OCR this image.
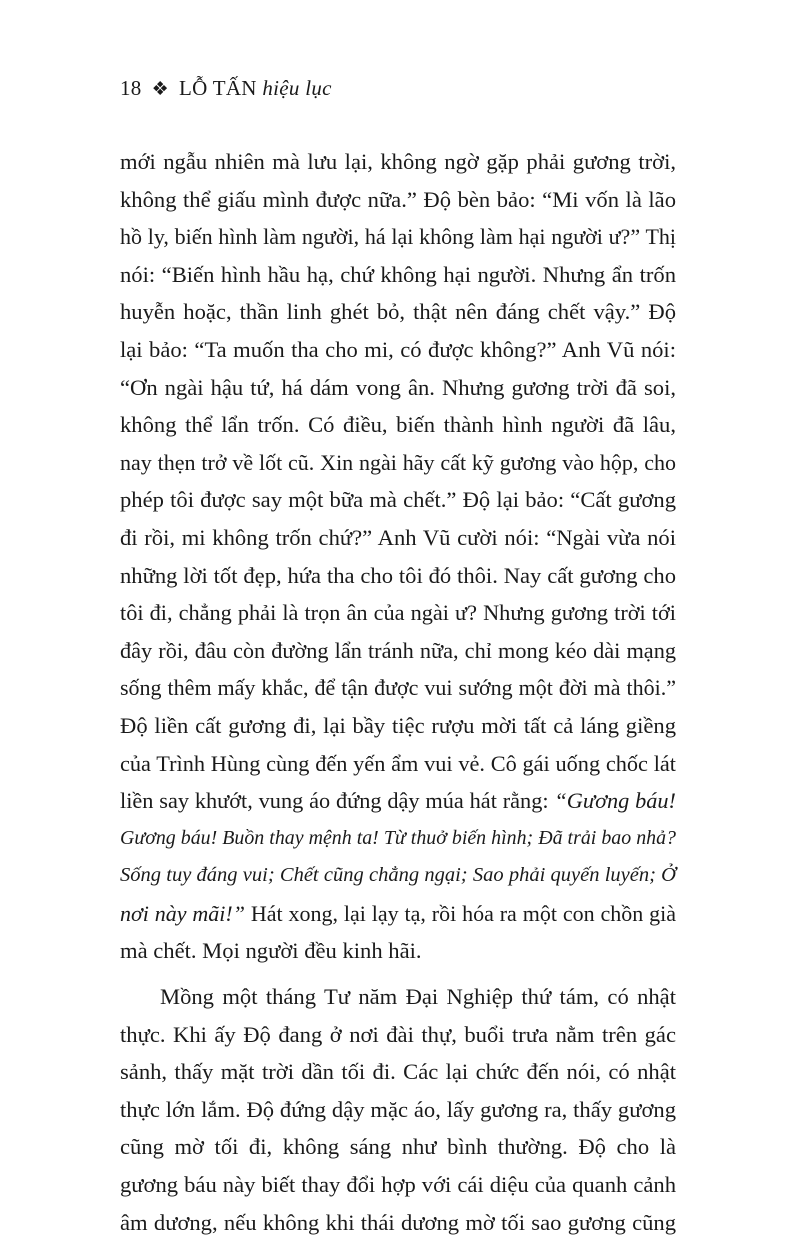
18 ❖ LỖ TẤN hiệu lục
mới ngẫu nhiên mà lưu lại, không ngờ gặp phải gương trời,
không thể giấu mình được nữa.” Độ bèn bảo: “Mi vốn là lão
hồ ly, biến hình làm người, há lại không làm hại người ư?” Thị
nói: “Biến hình hầu hạ, chứ không hại người. Nhưng ẩn trốn
huyễn hoặc, thần linh ghét bỏ, thật nên đáng chết vậy.” Độ
lại bảo: “Ta muốn tha cho mi, có được không?” Anh Vũ nói:
“Ơn ngài hậu tứ, há dám vong ân. Nhưng gương trời đã soi,
không thể lẩn trốn. Có điều, biến thành hình người đã lâu,
nay thẹn trở về lốt cũ. Xin ngài hãy cất kỹ gương vào hộp, cho
phép tôi được say một bữa mà chết.” Độ lại bảo: “Cất gương
đi rồi, mi không trốn chứ?” Anh Vũ cười nói: “Ngài vừa nói
những lời tốt đẹp, hứa tha cho tôi đó thôi. Nay cất gương cho
tôi đi, chẳng phải là trọn ân của ngài ư? Nhưng gương trời tới
đây rồi, đâu còn đường lẩn tránh nữa, chỉ mong kéo dài mạng
sống thêm mấy khắc, để tận được vui sướng một đời mà thôi.”
Độ liền cất gương đi, lại bầy tiệc rượu mời tất cả láng giềng
của Trình Hùng cùng đến yến ẩm vui vẻ. Cô gái uống chốc lát
liền say khướt, vung áo đứng dậy múa hát rằng: “Gương báu!
Gương báu! Buồn thay mệnh ta! Từ thuở biến hình; Đã trải bao nhả?
Sống tuy đáng vui; Chết cũng chẳng ngại; Sao phải quyến luyến; Ở
nơi này mãi!” Hát xong, lại lạy tạ, rồi hóa ra một con chồn già
mà chết. Mọi người đều kinh hãi.
Mồng một tháng Tư năm Đại Nghiệp thứ tám, có nhật
thực. Khi ấy Độ đang ở nơi đài thự, buổi trưa nằm trên gác
sảnh, thấy mặt trời dần tối đi. Các lại chức đến nói, có nhật
thực lớn lắm. Độ đứng dậy mặc áo, lấy gương ra, thấy gương
cũng mờ tối đi, không sáng như bình thường. Độ cho là
gương báu này biết thay đổi hợp với cái diệu của quanh cảnh
âm dương, nếu không khi thái dương mờ tối sao gương cũng
